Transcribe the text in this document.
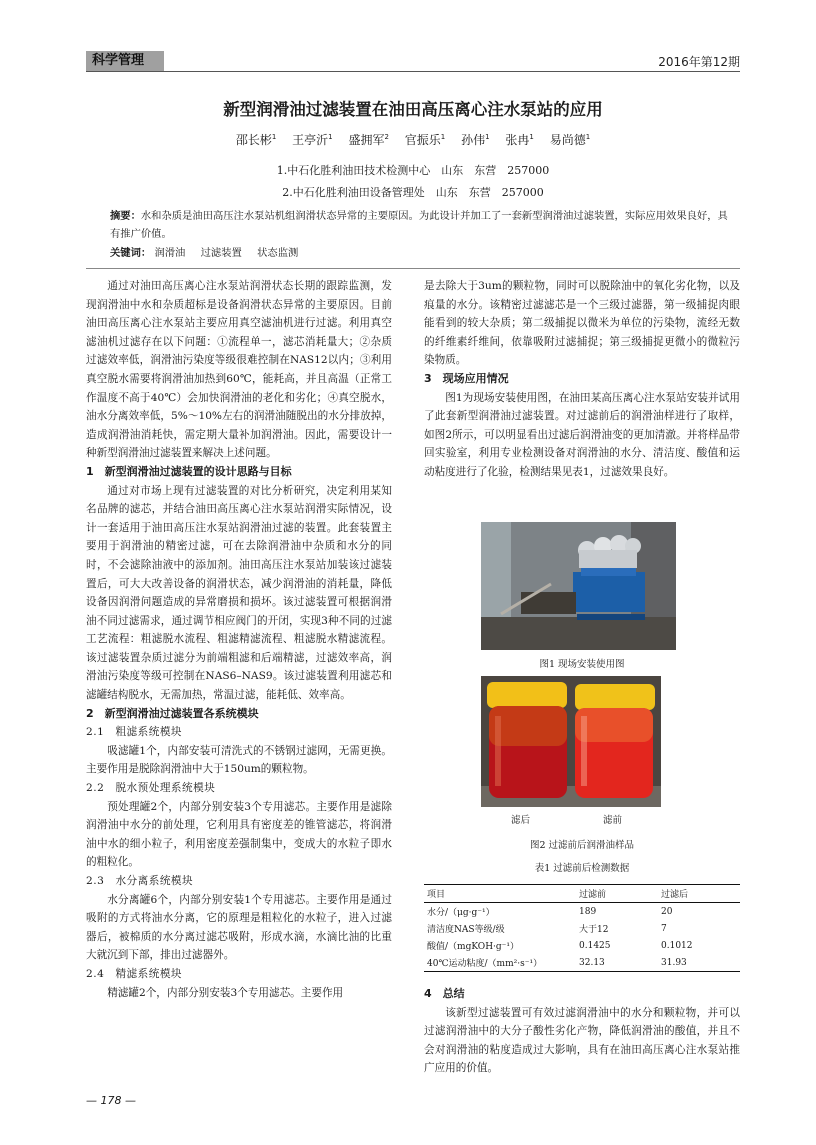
科学管理	2016年第12期
新型润滑油过滤装置在油田高压离心注水泵站的应用
邵长彬$^1$ 王亭沂$^1$ 盛拥军$^2$ 官振乐$^1$ 孙伟$^1$ 张冉$^1$ 易尚德$^1$
1.中石化胜利油田技术检测中心　山东　东营　257000
2.中石化胜利油田设备管理处　山东　东营　257000
摘要：水和杂质是油田高压注水泵站机组润滑状态异常的主要原因。为此设计并加工了一套新型润滑油过滤装置，实际应用效果良好，具有推广价值。
关键词： 润滑油 过滤装置 状态监测

通过对油田高压离心注水泵站润滑状态长期的跟踪监测，发现润滑油中水和杂质超标是设备润滑状态异常的主要原因。目前油田高压离心注水泵站主要应用真空滤油机进行过滤。利用真空滤油机过滤存在以下问题：①流程单一，滤芯消耗量大；②杂质过滤效率低，润滑油污染度等级很难控制在NAS12以内；③利用真空脱水需要将润滑油加热到60℃，能耗高，并且高温（正常工作温度不高于40℃）会加快润滑油的老化和劣化；④真空脱水，油水分离效率低，5%～10%左右的润滑油随脱出的水分排放掉，造成润滑油消耗快，需定期大量补加润滑油。因此，需要设计一种新型润滑油过滤装置来解决上述问题。

1　新型润滑油过滤装置的设计思路与目标

通过对市场上现有过滤装置的对比分析研究，决定利用某知名品牌的滤芯，并结合油田高压离心注水泵站润滑实际情况，设计一套适用于油田高压注水泵站润滑油过滤的装置。此套装置主要用于润滑油的精密过滤，可在去除润滑油中杂质和水分的同时，不会滤除油液中的添加剂。油田高压注水泵站加装该过滤装置后，可大大改善设备的润滑状态，减少润滑油的消耗量，降低设备因润滑问题造成的异常磨损和损坏。该过滤装置可根据润滑油不同过滤需求，通过调节相应阀门的开闭，实现3种不同的过滤工艺流程：粗滤脱水流程、粗滤精滤流程、粗滤脱水精滤流程。该过滤装置杂质过滤分为前端粗滤和后端精滤，过滤效率高，润滑油污染度等级可控制在NAS6–NAS9。该过滤装置利用滤芯和滤罐结构脱水，无需加热，常温过滤，能耗低、效率高。

2　新型润滑油过滤装置各系统模块
2.1　粗滤系统模块

吸滤罐1个，内部安装可清洗式的不锈钢过滤网，无需更换。主要作用是脱除润滑油中大于150um的颗粒物。

2.2　脱水预处理系统模块

预处理罐2个，内部分别安装3个专用滤芯。主要作用是滤除润滑油中水分的前处理，它利用具有密度差的锥管滤芯，将润滑油中水的细小粒子，利用密度差强制集中，变成大的水粒子即水的粗粒化。

2.3　水分离系统模块

水分离罐6个，内部分别安装1个专用滤芯。主要作用是通过吸附的方式将油水分离，它的原理是粗粒化的水粒子，进入过滤器后，被棉质的水分离过滤芯吸附，形成水滴，水滴比油的比重大就沉到下部，排出过滤器外。

2.4　精滤系统模块

精滤罐2个，内部分别安装3个专用滤芯。主要作用

是去除大于3um的颗粒物，同时可以脱除油中的氧化劣化物，以及痕量的水分。该精密过滤滤芯是一个三级过滤器，第一级捕捉肉眼能看到的较大杂质；第二级捕捉以微米为单位的污染物，流经无数的纤维素纤维间，依靠吸附过滤捕捉；第三级捕捉更微小的微粒污染物质。

3　现场应用情况

图1为现场安装使用图，在油田某高压离心注水泵站安装并试用了此套新型润滑油过滤装置。对过滤前后的润滑油样进行了取样，如图2所示，可以明显看出过滤后润滑油变的更加清澈。并将样品带回实验室，利用专业检测设备对润滑油的水分、清洁度、酸值和运动粘度进行了化验，检测结果见表1，过滤效果良好。

图1 现场安装使用图
滤后	滤前
图2 过滤前后润滑油样品
表1 过滤前后检测数据
项目	过滤前	过滤后
水分/（μg·g⁻¹）	189	20
清洁度NAS等级/级	大于12	7
酸值/（mgKOH·g⁻¹）	0.1425	0.1012
40℃运动粘度/（mm²·s⁻¹）	32.13	31.93
4　总结

该新型过滤装置可有效过滤润滑油中的水分和颗粒物，并可以过滤润滑油中的大分子酸性劣化产物，降低润滑油的酸值，并且不会对润滑油的粘度造成过大影响，具有在油田高压离心注水泵站推广应用的价值。

— 178 —
